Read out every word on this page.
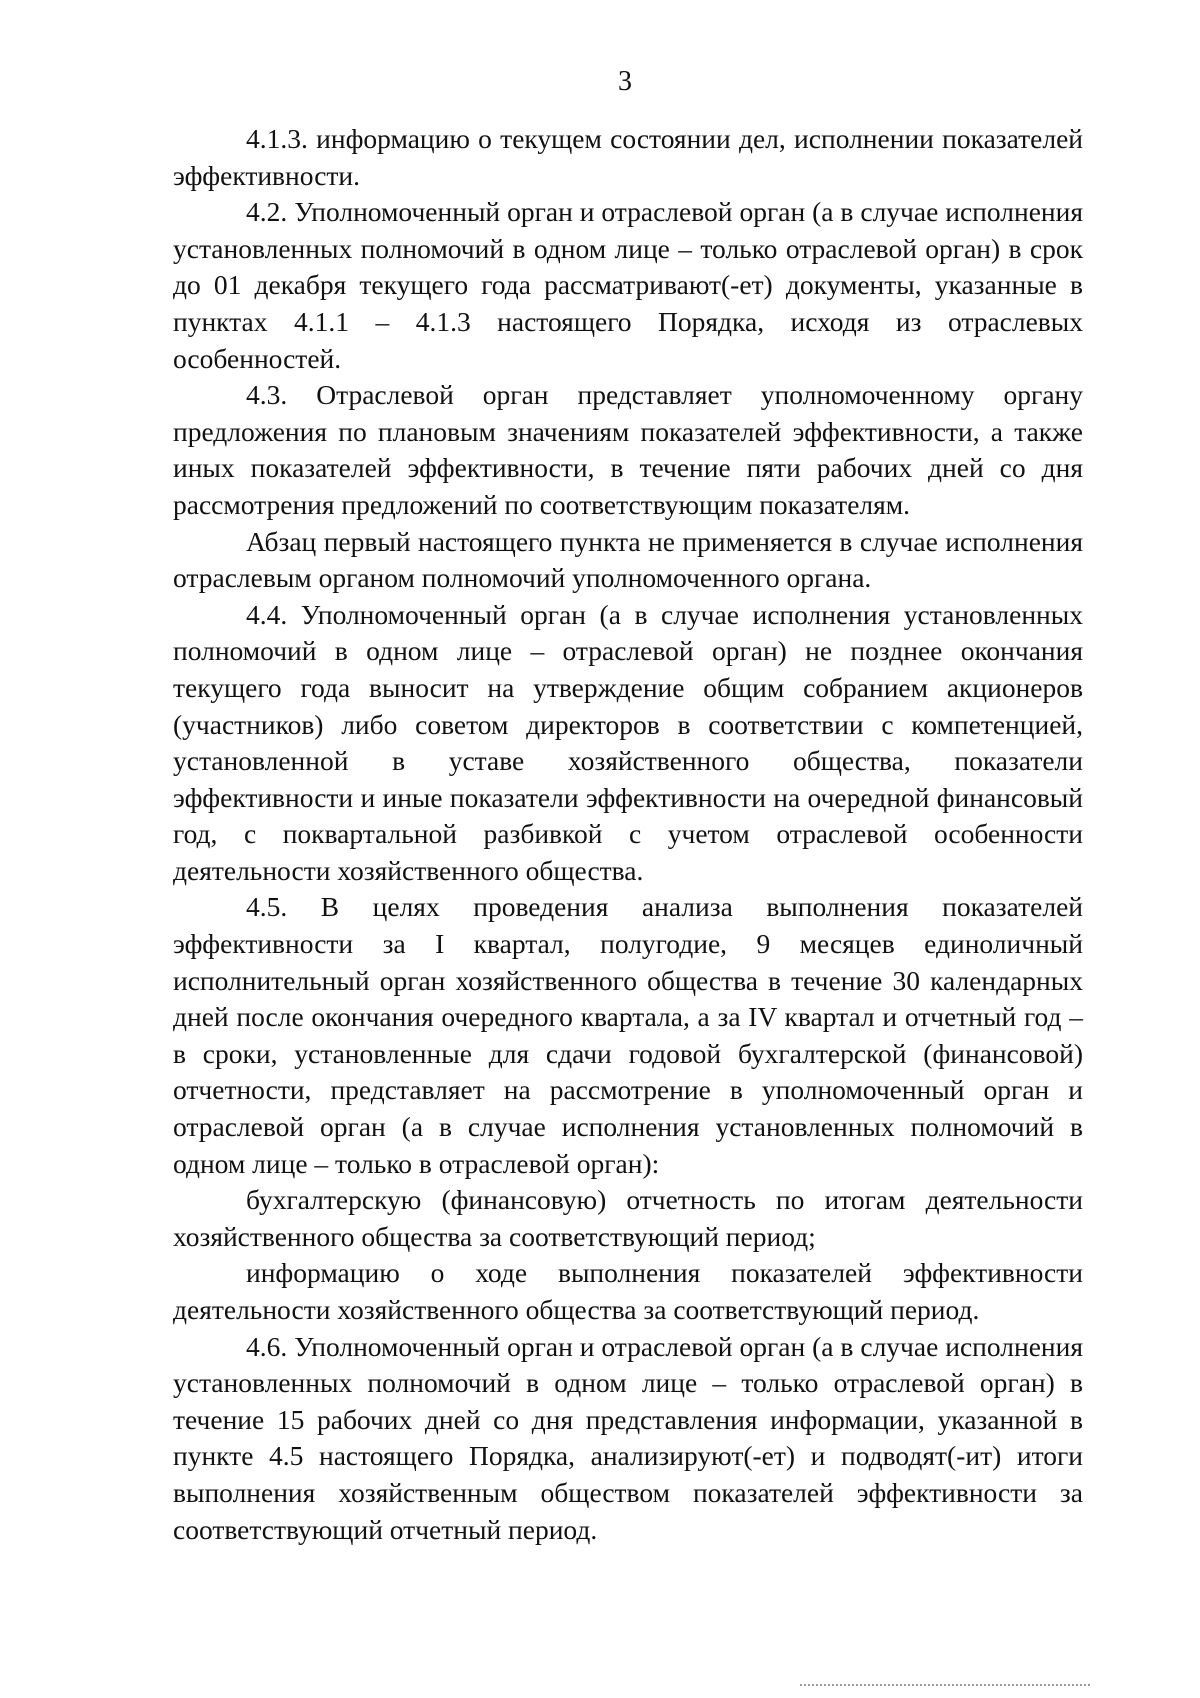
3

4.1.3. информацию о текущем состоянии дел, исполнении показателей эффективности.

4.2. Уполномоченный орган и отраслевой орган (а в случае исполнения установленных полномочий в одном лице – только отраслевой орган) в срок до 01 декабря текущего года рассматривают(-ет) документы, указанные в пунктах 4.1.1 – 4.1.3 настоящего Порядка, исходя из отраслевых особенностей.

4.3. Отраслевой орган представляет уполномоченному органу предложения по плановым значениям показателей эффективности, а также иных показателей эффективности, в течение пяти рабочих дней со дня рассмотрения предложений по соответствующим показателям.

Абзац первый настоящего пункта не применяется в случае исполнения отраслевым органом полномочий уполномоченного органа.

4.4. Уполномоченный орган (а в случае исполнения установленных полномочий в одном лице – отраслевой орган) не позднее окончания текущего года выносит на утверждение общим собранием акционеров (участников) либо советом директоров в соответствии с компетенцией, установленной в уставе хозяйственного общества, показатели эффективности и иные показатели эффективности на очередной финансовый год, с поквартальной разбивкой с учетом отраслевой особенности деятельности хозяйственного общества.

4.5. В целях проведения анализа выполнения показателей эффективности за I квартал, полугодие, 9 месяцев единоличный исполнительный орган хозяйственного общества в течение 30 календарных дней после окончания очередного квартала, а за IV квартал и отчетный год – в сроки, установленные для сдачи годовой бухгалтерской (финансовой) отчетности, представляет на рассмотрение в уполномоченный орган и отраслевой орган (а в случае исполнения установленных полномочий в одном лице – только в отраслевой орган):

бухгалтерскую (финансовую) отчетность по итогам деятельности хозяйственного общества за соответствующий период;

информацию о ходе выполнения показателей эффективности деятельности хозяйственного общества за соответствующий период.

4.6. Уполномоченный орган и отраслевой орган (а в случае исполнения установленных полномочий в одном лице – только отраслевой орган) в течение 15 рабочих дней со дня представления информации, указанной в пункте 4.5 настоящего Порядка, анализируют(-ет) и подводят(-ит) итоги выполнения хозяйственным обществом показателей эффективности за соответствующий отчетный период.
